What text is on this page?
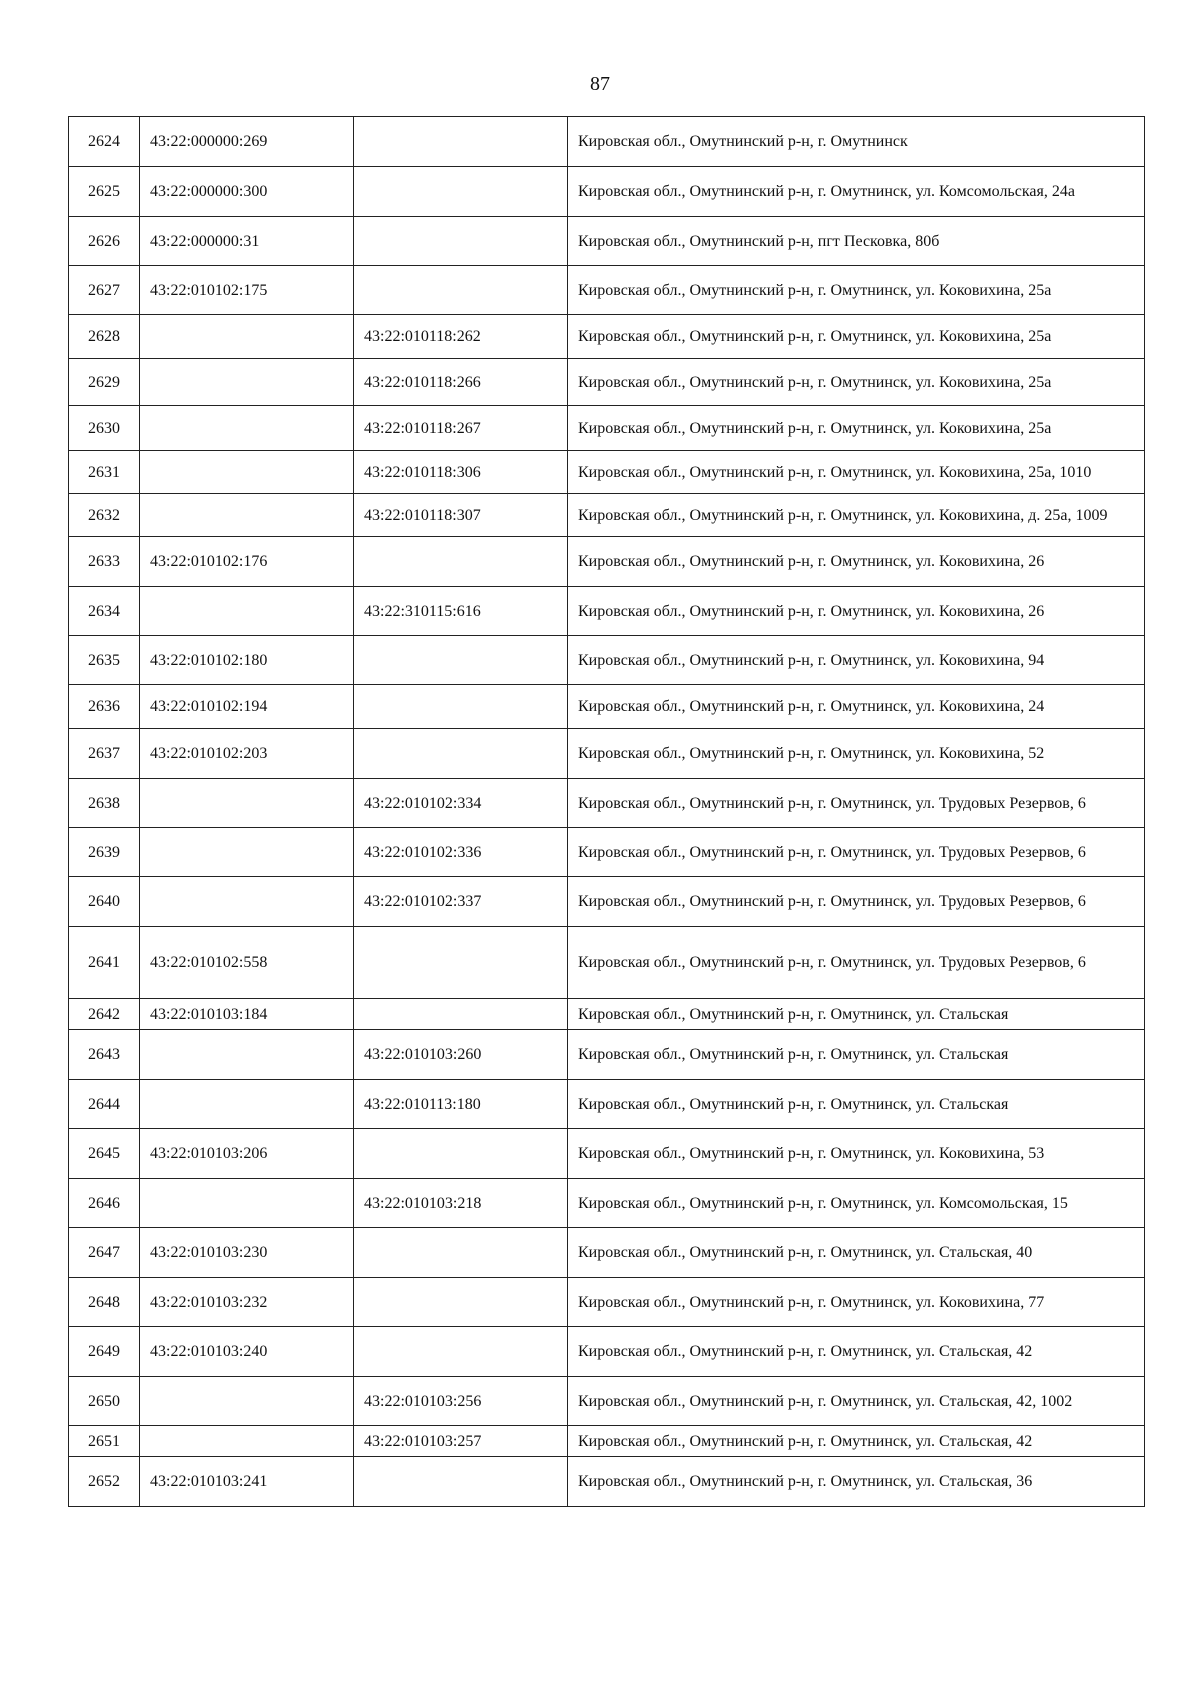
87
2624	43:22:000000:269		Кировская обл., Омутнинский р-н, г. Омутнинск
2625	43:22:000000:300		Кировская обл., Омутнинский р-н, г. Омутнинск, ул. Комсомольская, 24а
2626	43:22:000000:31		Кировская обл., Омутнинский р-н, пгт Песковка, 80б
2627	43:22:010102:175		Кировская обл., Омутнинский р-н, г. Омутнинск, ул. Коковихина, 25а
2628		43:22:010118:262	Кировская обл., Омутнинский р-н, г. Омутнинск, ул. Коковихина, 25а
2629		43:22:010118:266	Кировская обл., Омутнинский р-н, г. Омутнинск, ул. Коковихина, 25а
2630		43:22:010118:267	Кировская обл., Омутнинский р-н, г. Омутнинск, ул. Коковихина, 25а
2631		43:22:010118:306	Кировская обл., Омутнинский р-н, г. Омутнинск, ул. Коковихина, 25а, 1010
2632		43:22:010118:307	Кировская обл., Омутнинский р-н, г. Омутнинск, ул. Коковихина, д. 25а, 1009
2633	43:22:010102:176		Кировская обл., Омутнинский р-н, г. Омутнинск, ул. Коковихина, 26
2634		43:22:310115:616	Кировская обл., Омутнинский р-н, г. Омутнинск, ул. Коковихина, 26
2635	43:22:010102:180		Кировская обл., Омутнинский р-н, г. Омутнинск, ул. Коковихина, 94
2636	43:22:010102:194		Кировская обл., Омутнинский р-н, г. Омутнинск, ул. Коковихина, 24
2637	43:22:010102:203		Кировская обл., Омутнинский р-н, г. Омутнинск, ул. Коковихина, 52
2638		43:22:010102:334	Кировская обл., Омутнинский р-н, г. Омутнинск, ул. Трудовых Резервов, 6
2639		43:22:010102:336	Кировская обл., Омутнинский р-н, г. Омутнинск, ул. Трудовых Резервов, 6
2640		43:22:010102:337	Кировская обл., Омутнинский р-н, г. Омутнинск, ул. Трудовых Резервов, 6
2641	43:22:010102:558		Кировская обл., Омутнинский р-н, г. Омутнинск, ул. Трудовых Резервов, 6
2642	43:22:010103:184		Кировская обл., Омутнинский р-н, г. Омутнинск, ул. Стальская
2643		43:22:010103:260	Кировская обл., Омутнинский р-н, г. Омутнинск, ул. Стальская
2644		43:22:010113:180	Кировская обл., Омутнинский р-н, г. Омутнинск, ул. Стальская
2645	43:22:010103:206		Кировская обл., Омутнинский р-н, г. Омутнинск, ул. Коковихина, 53
2646		43:22:010103:218	Кировская обл., Омутнинский р-н, г. Омутнинск, ул. Комсомольская, 15
2647	43:22:010103:230		Кировская обл., Омутнинский р-н, г. Омутнинск, ул. Стальская, 40
2648	43:22:010103:232		Кировская обл., Омутнинский р-н, г. Омутнинск, ул. Коковихина, 77
2649	43:22:010103:240		Кировская обл., Омутнинский р-н, г. Омутнинск, ул. Стальская, 42
2650		43:22:010103:256	Кировская обл., Омутнинский р-н, г. Омутнинск, ул. Стальская, 42, 1002
2651		43:22:010103:257	Кировская обл., Омутнинский р-н, г. Омутнинск, ул. Стальская, 42
2652	43:22:010103:241		Кировская обл., Омутнинский р-н, г. Омутнинск, ул. Стальская, 36
